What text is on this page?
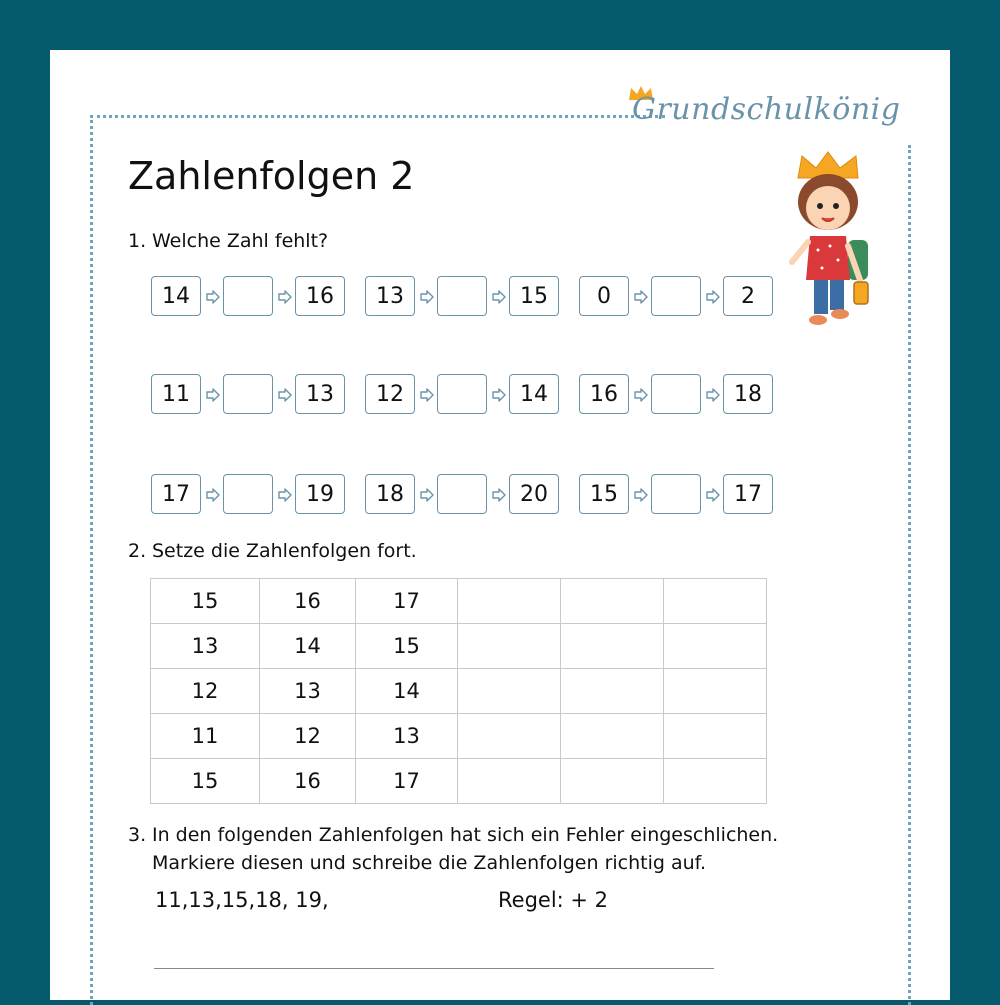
Grundschulkönig
Zahlenfolgen 2
1. Welche Zahl fehlt?
14	16	13	15	0	2
11	13	12	14	16	18
17	19	18	20	15	17
2. Setze die Zahlenfolgen fort.
15	16	17			
13	14	15			
12	13	14			
11	12	13			
15	16	17			
3. In den folgenden Zahlenfolgen hat sich ein Fehler eingeschlichen.
Markiere diesen und schreibe die Zahlenfolgen richtig auf.
11,13,15,18, 19,	Regel: + 2
